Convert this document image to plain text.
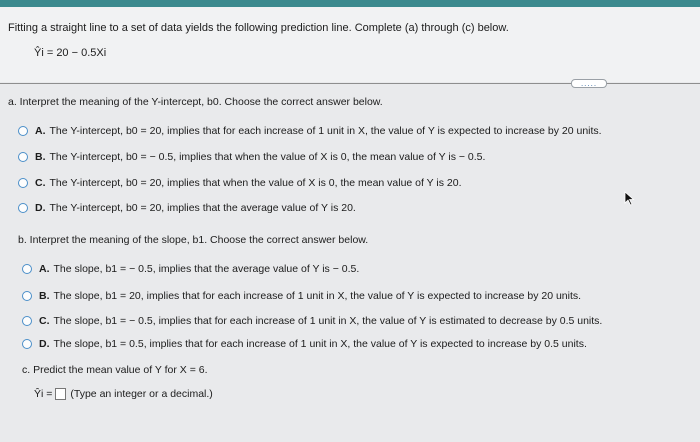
Fitting a straight line to a set of data yields the following prediction line. Complete (a) through (c) below.
Ŷi = 20 − 0.5Xi
.....
a. Interpret the meaning of the Y-intercept, b0. Choose the correct answer below.
A. The Y-intercept, b0 = 20, implies that for each increase of 1 unit in X, the value of Y is expected to increase by 20 units.
B. The Y-intercept, b0 = − 0.5, implies that when the value of X is 0, the mean value of Y is − 0.5.
C. The Y-intercept, b0 = 20, implies that when the value of X is 0, the mean value of Y is 20.
D. The Y-intercept, b0 = 20, implies that the average value of Y is 20.
b. Interpret the meaning of the slope, b1. Choose the correct answer below.
A. The slope, b1 = − 0.5, implies that the average value of Y is − 0.5.
B. The slope, b1 = 20, implies that for each increase of 1 unit in X, the value of Y is expected to increase by 20 units.
C. The slope, b1 = − 0.5, implies that for each increase of 1 unit in X, the value of Y is estimated to decrease by 0.5 units.
D. The slope, b1 = 0.5, implies that for each increase of 1 unit in X, the value of Y is expected to increase by 0.5 units.
c. Predict the mean value of Y for X = 6.
Ŷi = (Type an integer or a decimal.)
